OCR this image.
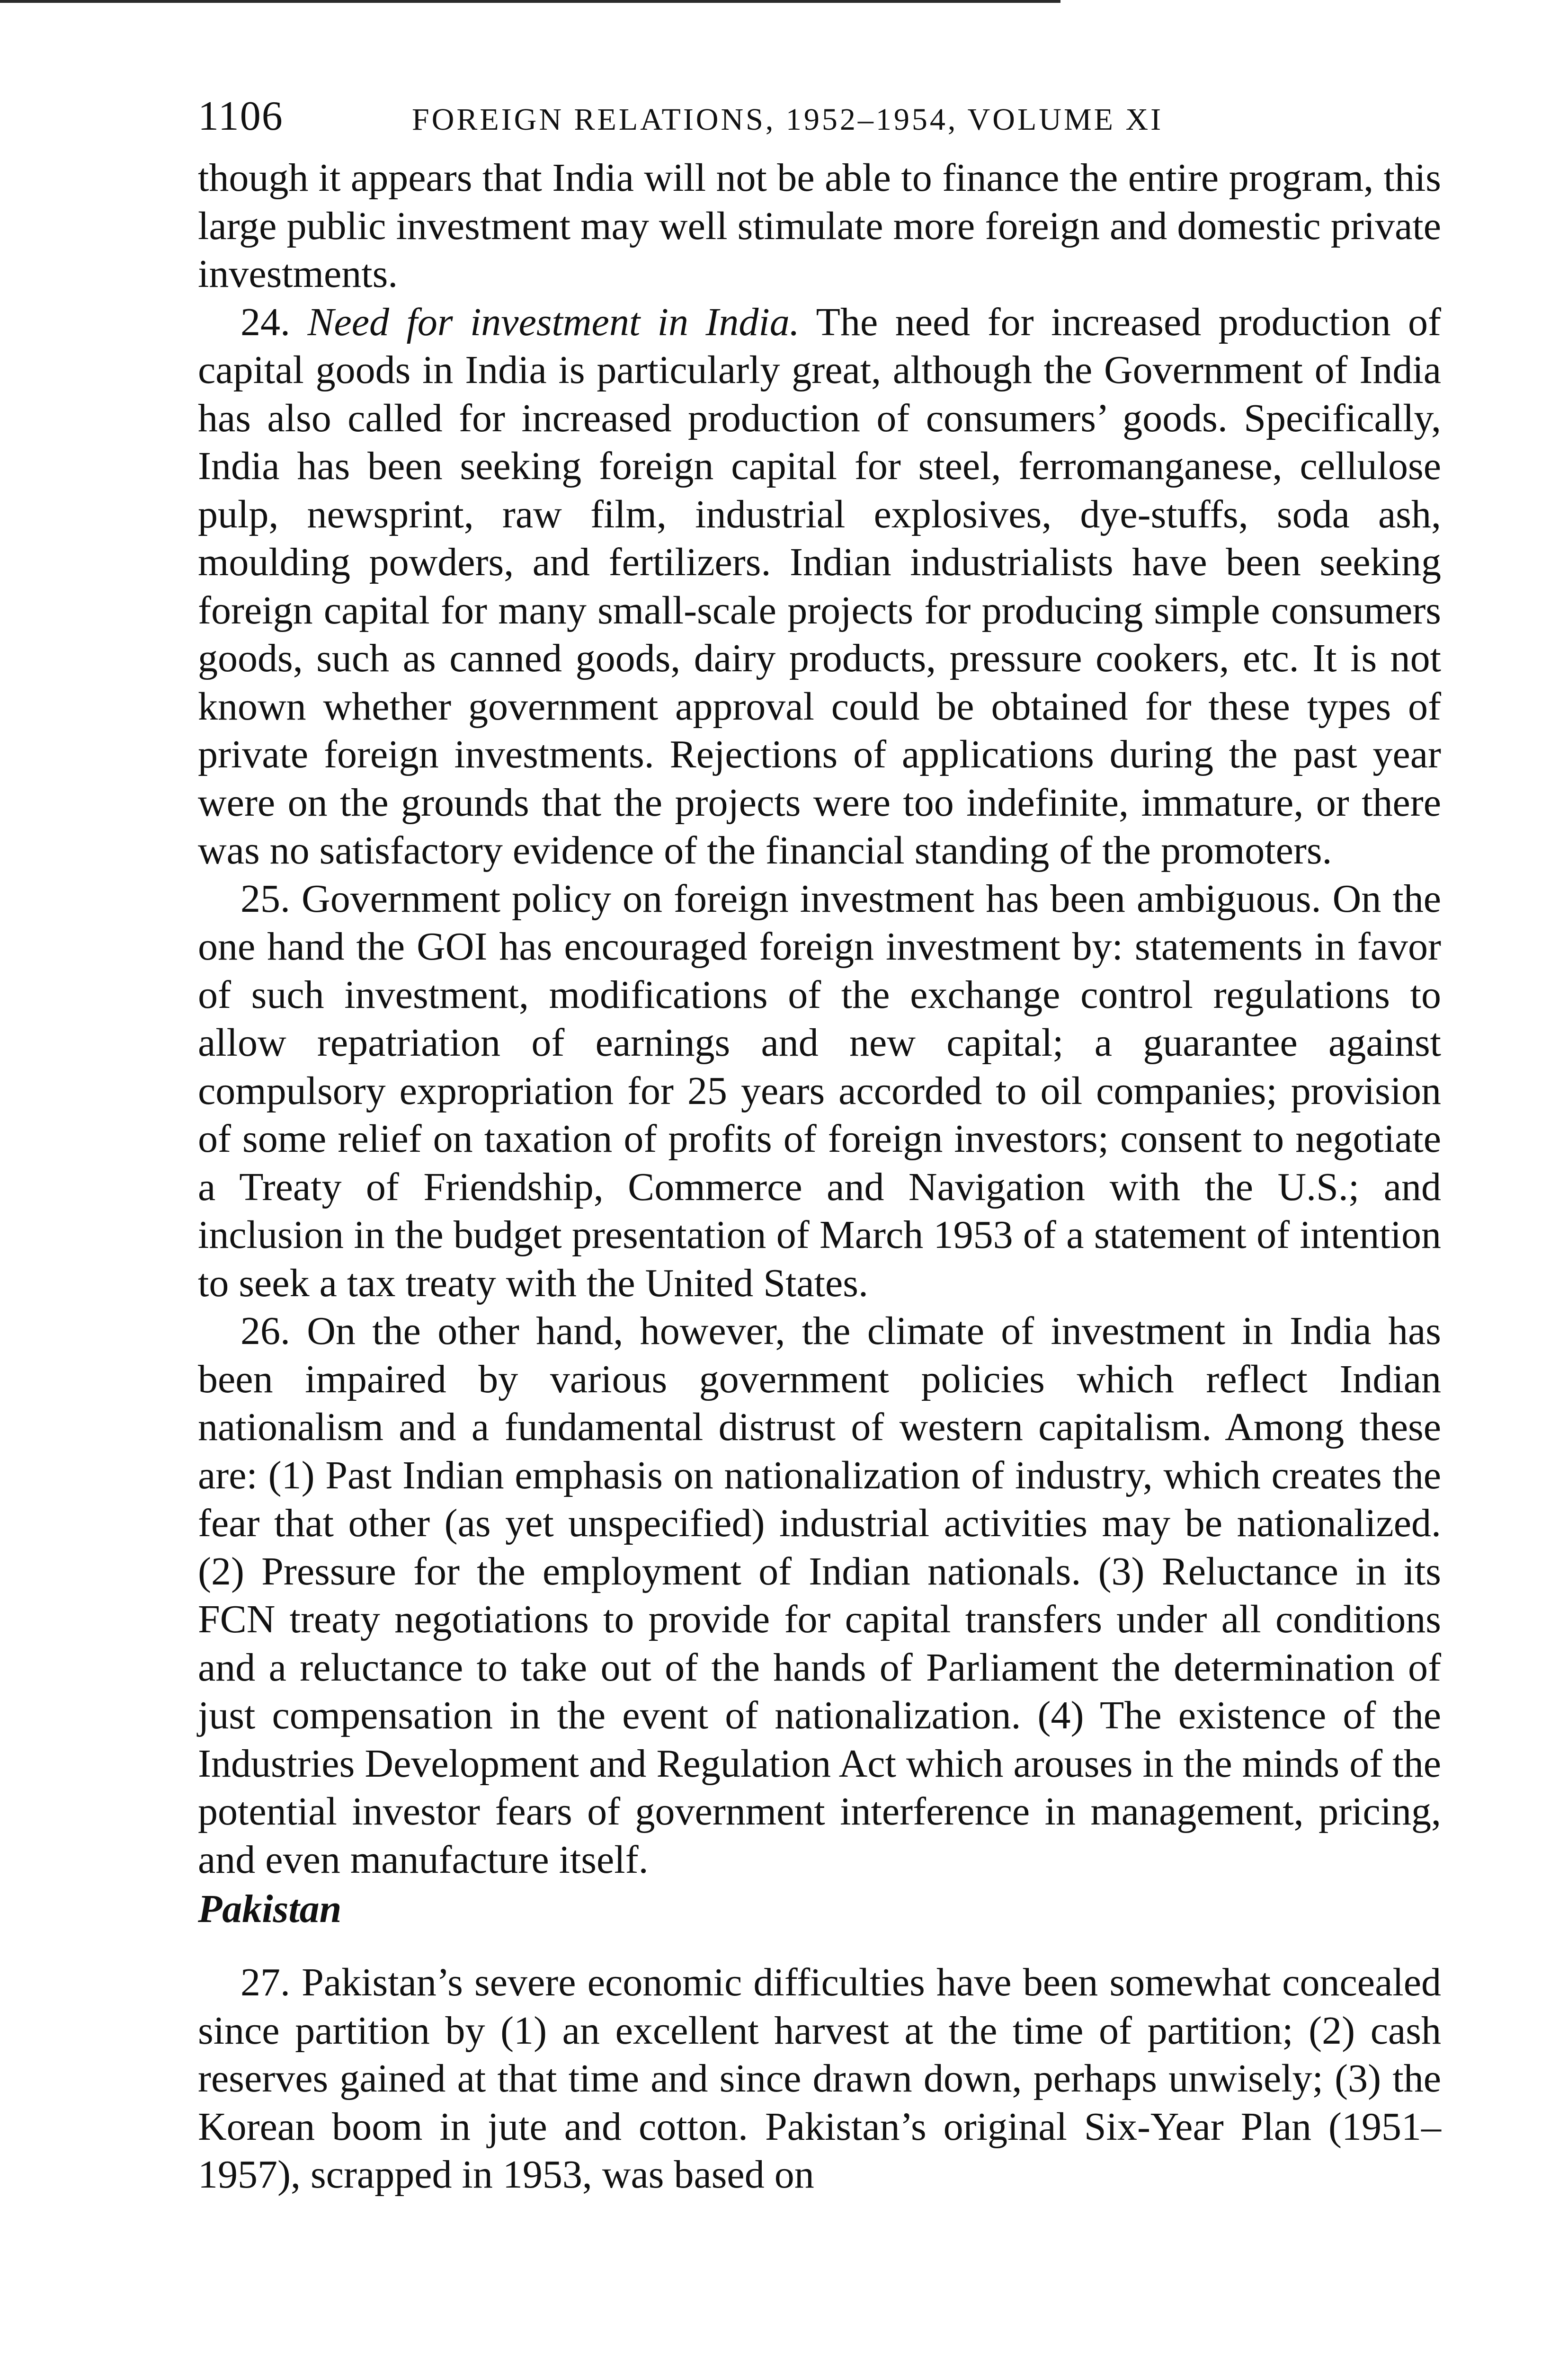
1106	FOREIGN RELATIONS, 1952–1954, VOLUME XI

though it appears that India will not be able to finance the entire program, this large public investment may well stimulate more foreign and domestic private investments.

24. Need for investment in India. The need for increased production of capital goods in India is particularly great, although the Government of India has also called for increased production of consumers’ goods. Specifically, India has been seeking foreign capital for steel, ferromanganese, cellulose pulp, newsprint, raw film, industrial explosives, dye-stuffs, soda ash, moulding powders, and fertilizers. Indian industrialists have been seeking foreign capital for many small-scale projects for producing simple consumers goods, such as canned goods, dairy products, pressure cookers, etc. It is not known whether government approval could be obtained for these types of private foreign investments. Rejections of applications during the past year were on the grounds that the projects were too indefinite, immature, or there was no satisfactory evidence of the financial standing of the promoters.

25. Government policy on foreign investment has been ambiguous. On the one hand the GOI has encouraged foreign investment by: statements in favor of such investment, modifications of the exchange control regulations to allow repatriation of earnings and new capital; a guarantee against compulsory expropriation for 25 years accorded to oil companies; provision of some relief on taxation of profits of foreign investors; consent to negotiate a Treaty of Friendship, Commerce and Navigation with the U.S.; and inclusion in the budget presentation of March 1953 of a statement of intention to seek a tax treaty with the United States.

26. On the other hand, however, the climate of investment in India has been impaired by various government policies which reflect Indian nationalism and a fundamental distrust of western capitalism. Among these are: (1) Past Indian emphasis on nationalization of industry, which creates the fear that other (as yet unspecified) industrial activities may be nationalized. (2) Pressure for the employment of Indian nationals. (3) Reluctance in its FCN treaty negotiations to provide for capital transfers under all conditions and a reluctance to take out of the hands of Parliament the determination of just compensation in the event of nationalization. (4) The existence of the Industries Development and Regulation Act which arouses in the minds of the potential investor fears of government interference in management, pricing, and even manufacture itself.

Pakistan

27. Pakistan’s severe economic difficulties have been somewhat concealed since partition by (1) an excellent harvest at the time of partition; (2) cash reserves gained at that time and since drawn down, perhaps unwisely; (3) the Korean boom in jute and cotton. Pakistan’s original Six-Year Plan (1951–1957), scrapped in 1953, was based on
